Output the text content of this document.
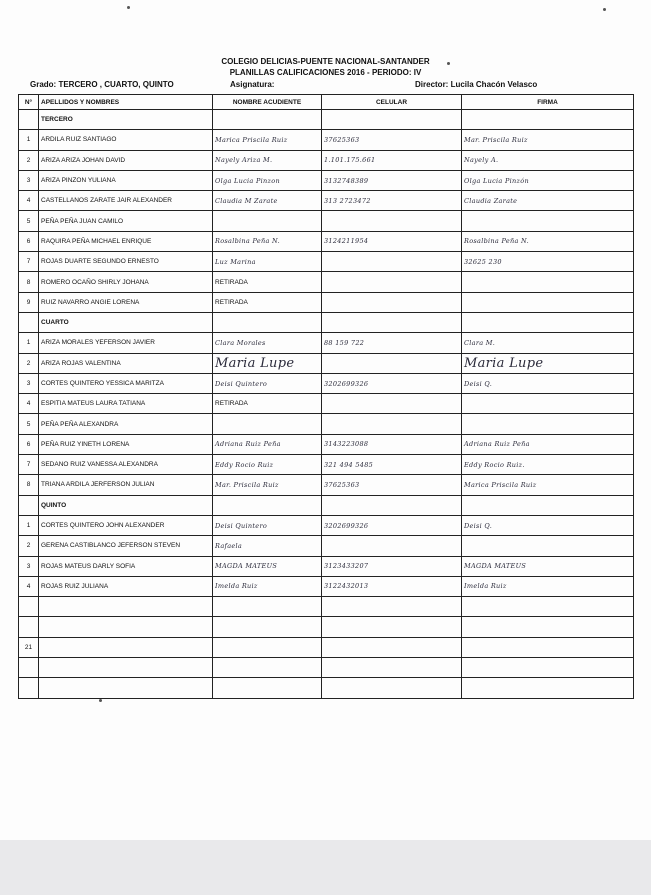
COLEGIO DELICIAS-PUENTE NACIONAL-SANTANDER
PLANILLAS CALIFICACIONES 2016 - PERIODO: IV
Grado: TERCERO , CUARTO, QUINTO	Asignatura:	Director: Lucila Chacón Velasco
N°	APELLIDOS Y NOMBRES	NOMBRE ACUDIENTE	CELULAR	FIRMA
	TERCERO			
1	ARDILA RUIZ SANTIAGO	Marica Priscila Ruiz	37625363	Mar. Priscila Ruiz
2	ARIZA ARIZA JOHAN DAVID	Nayely Ariza M.	1.101.175.661	Nayely A.
3	ARIZA PINZON YULIANA	Olga Lucia Pinzon	3132748389	Olga Lucia Pinzón
4	CASTELLANOS ZARATE JAIR ALEXANDER	Claudia M Zarate	313 2723472	Claudia Zarate
5	PEÑA PEÑA JUAN CAMILO			
6	RAQUIRA PEÑA MICHAEL ENRIQUE	Rosalbina Peña N.	3124211954	Rosalbina Peña N.
7	ROJAS DUARTE SEGUNDO ERNESTO	Luz Marina		32625 230
8	ROMERO OCAÑO SHIRLY JOHANA	RETIRADA		
9	RUIZ NAVARRO ANGIE LORENA	RETIRADA		
	CUARTO			
1	ARIZA MORALES YEFERSON JAVIER	Clara Morales	88 159 722	Clara M.
2	ARIZA ROJAS VALENTINA	Maria Lupe		Maria Lupe
3	CORTES QUINTERO YESSICA MARITZA	Deisi Quintero	3202699326	Deisi Q.
4	ESPITIA MATEUS LAURA TATIANA	RETIRADA		
5	PEÑA PEÑA ALEXANDRA			
6	PEÑA RUIZ YINETH LORENA	Adriana Ruiz Peña	3143223088	Adriana Ruiz Peña
7	SEDANO RUIZ VANESSA ALEXANDRA	Eddy Rocio Ruiz	321 494 5485	Eddy Rocio Ruiz.
8	TRIANA ARDILA JERFERSON JULIAN	Mar. Priscila Ruiz	37625363	Marica Priscila Ruiz
	QUINTO			
1	CORTES QUINTERO JOHN ALEXANDER	Deisi Quintero	3202699326	Deisi Q.
2	GERENA CASTIBLANCO JEFERSON STEVEN	Rafaela		
3	ROJAS MATEUS DARLY SOFIA	MAGDA MATEUS	3123433207	MAGDA MATEUS
4	ROJAS RUIZ JULIANA	Imelda Ruiz	3122432013	Imelda Ruiz

21				
